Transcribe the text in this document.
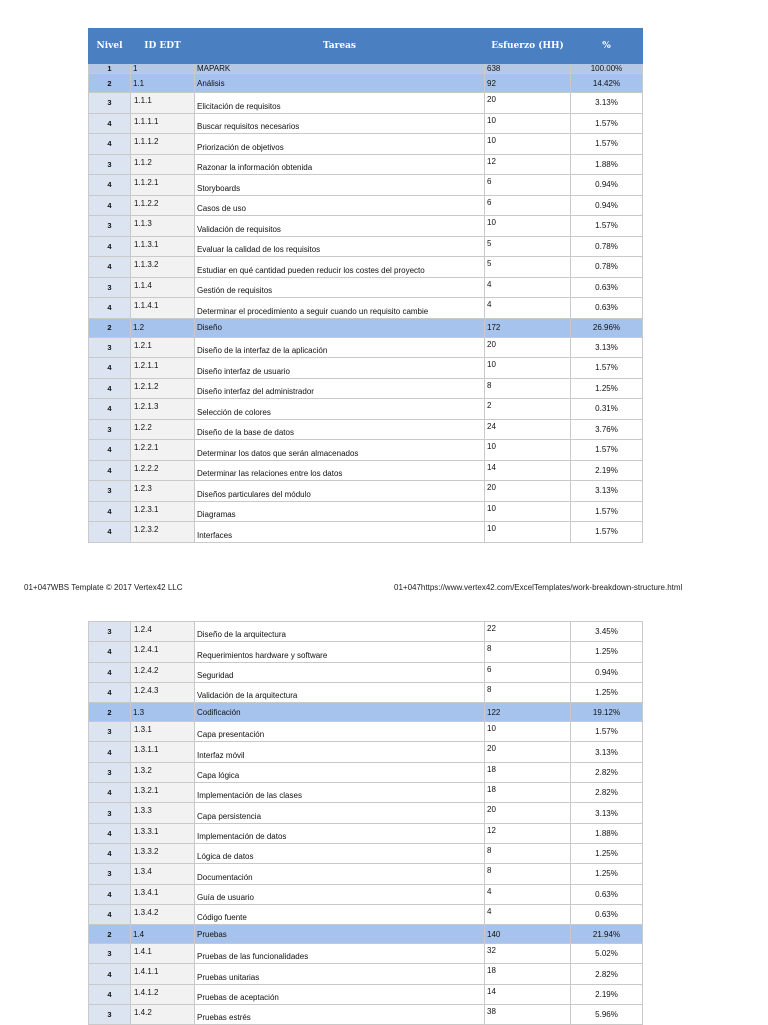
Nivel	ID EDT	Tareas	Esfuerzo (HH)	%
1	1	MAPARK	638	100.00%
2	1.1	Análisis	92	14.42%
3	1.1.1	Elicitación de requisitos	20	3.13%
4	1.1.1.1	Buscar requisitos necesarios	10	1.57%
4	1.1.1.2	Priorización de objetivos	10	1.57%
3	1.1.2	Razonar la información obtenida	12	1.88%
4	1.1.2.1	Storyboards	6	0.94%
4	1.1.2.2	Casos de uso	6	0.94%
3	1.1.3	Validación de requisitos	10	1.57%
4	1.1.3.1	Evaluar la calidad de los requisitos	5	0.78%
4	1.1.3.2	Estudiar en qué cantidad pueden reducir los costes del proyecto	5	0.78%
3	1.1.4	Gestión de requisitos	4	0.63%
4	1.1.4.1	Determinar el procedimiento a seguir cuando un requisito cambie	4	0.63%
2	1.2	Diseño	172	26.96%
3	1.2.1	Diseño de la interfaz de la aplicación	20	3.13%
4	1.2.1.1	Diseño interfaz de usuario	10	1.57%
4	1.2.1.2	Diseño interfaz del administrador	8	1.25%
4	1.2.1.3	Selección de colores	2	0.31%
3	1.2.2	Diseño de la base de datos	24	3.76%
4	1.2.2.1	Determinar los datos que serán almacenados	10	1.57%
4	1.2.2.2	Determinar las relaciones entre los datos	14	2.19%
3	1.2.3	Diseños particulares del módulo	20	3.13%
4	1.2.3.1	Diagramas	10	1.57%
4	1.2.3.2	Interfaces	10	1.57%
01+047WBS Template © 2017 Vertex42 LLC	01+047https://www.vertex42.com/ExcelTemplates/work-breakdown-structure.html
3	1.2.4	Diseño de la arquitectura	22	3.45%
4	1.2.4.1	Requerimientos hardware y software	8	1.25%
4	1.2.4.2	Seguridad	6	0.94%
4	1.2.4.3	Validación de la arquitectura	8	1.25%
2	1.3	Codificación	122	19.12%
3	1.3.1	Capa presentación	10	1.57%
4	1.3.1.1	Interfaz móvil	20	3.13%
3	1.3.2	Capa lógica	18	2.82%
4	1.3.2.1	Implementación de las clases	18	2.82%
3	1.3.3	Capa persistencia	20	3.13%
4	1.3.3.1	Implementación de datos	12	1.88%
4	1.3.3.2	Lógica de datos	8	1.25%
3	1.3.4	Documentación	8	1.25%
4	1.3.4.1	Guía de usuario	4	0.63%
4	1.3.4.2	Código fuente	4	0.63%
2	1.4	Pruebas	140	21.94%
3	1.4.1	Pruebas de las funcionalidades	32	5.02%
4	1.4.1.1	Pruebas unitarias	18	2.82%
4	1.4.1.2	Pruebas de aceptación	14	2.19%
3	1.4.2	Pruebas estrés	38	5.96%
